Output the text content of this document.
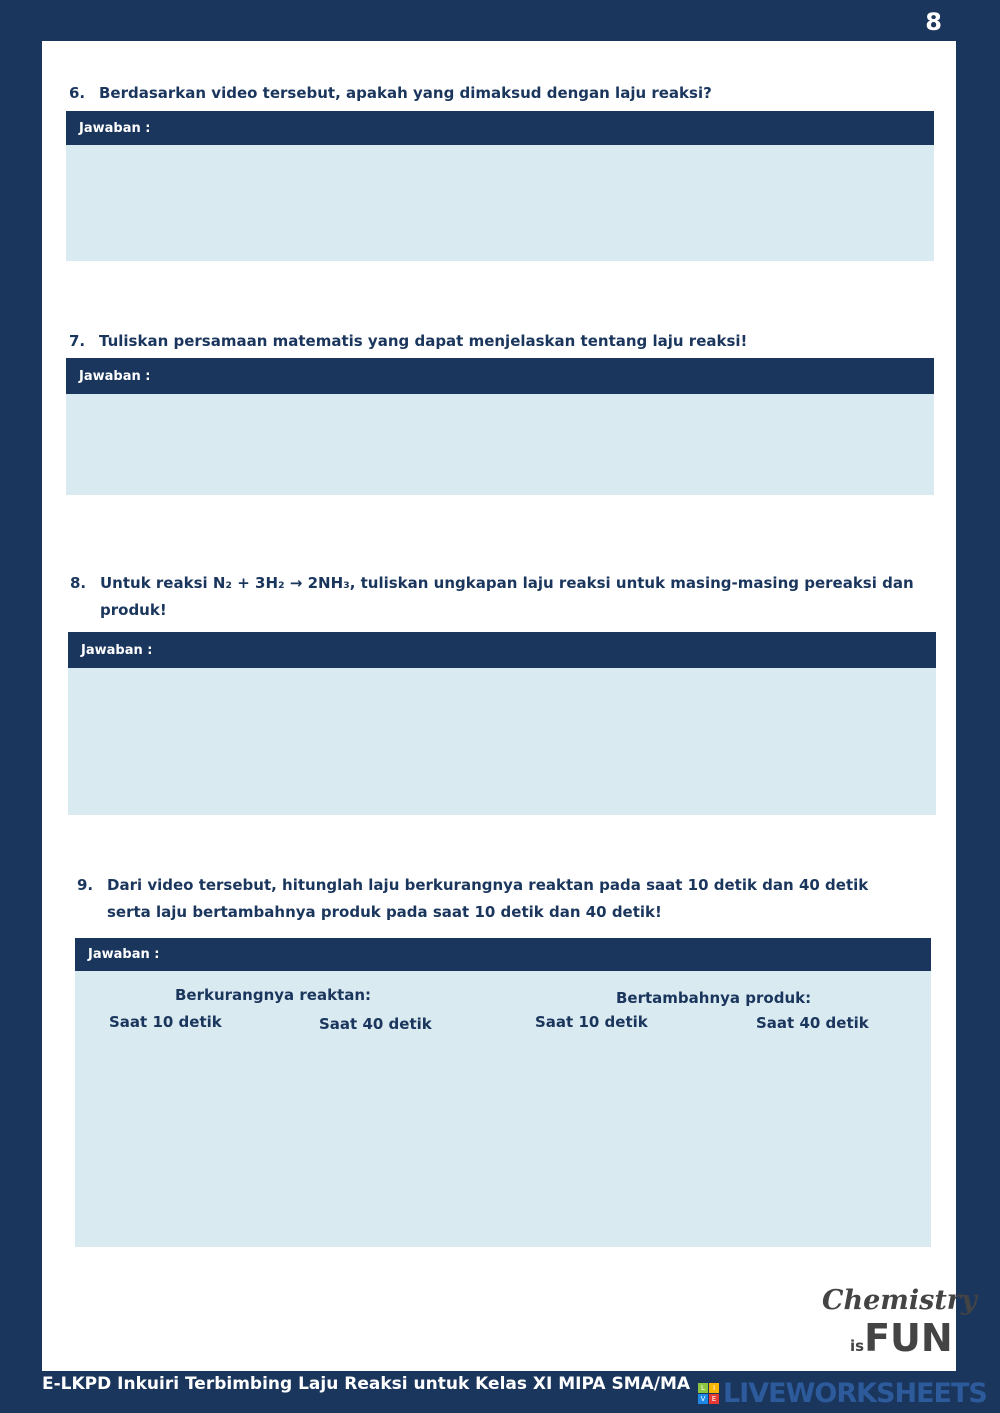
8
6. Berdasarkan video tersebut, apakah yang dimaksud dengan laju reaksi?
Jawaban :
7. Tuliskan persamaan matematis yang dapat menjelaskan tentang laju reaksi!
Jawaban :
8. Untuk reaksi N₂ + 3H₂ → 2NH₃, tuliskan ungkapan laju reaksi untuk masing-masing pereaksi dan
produk!
Jawaban :
9. Dari video tersebut, hitunglah laju berkurangnya reaktan pada saat 10 detik dan 40 detik
serta laju bertambahnya produk pada saat 10 detik dan 40 detik!
Jawaban :
Berkurangnya reaktan:	Bertambahnya produk:
Saat 10 detik	Saat 40 detik	Saat 10 detik	Saat 40 detik
Chemistry
isFUN
E-LKPD Inkuiri Terbimbing Laju Reaksi untuk Kelas XI MIPA SMA/MA	L	I
V E LIVEWORKSHEETS
